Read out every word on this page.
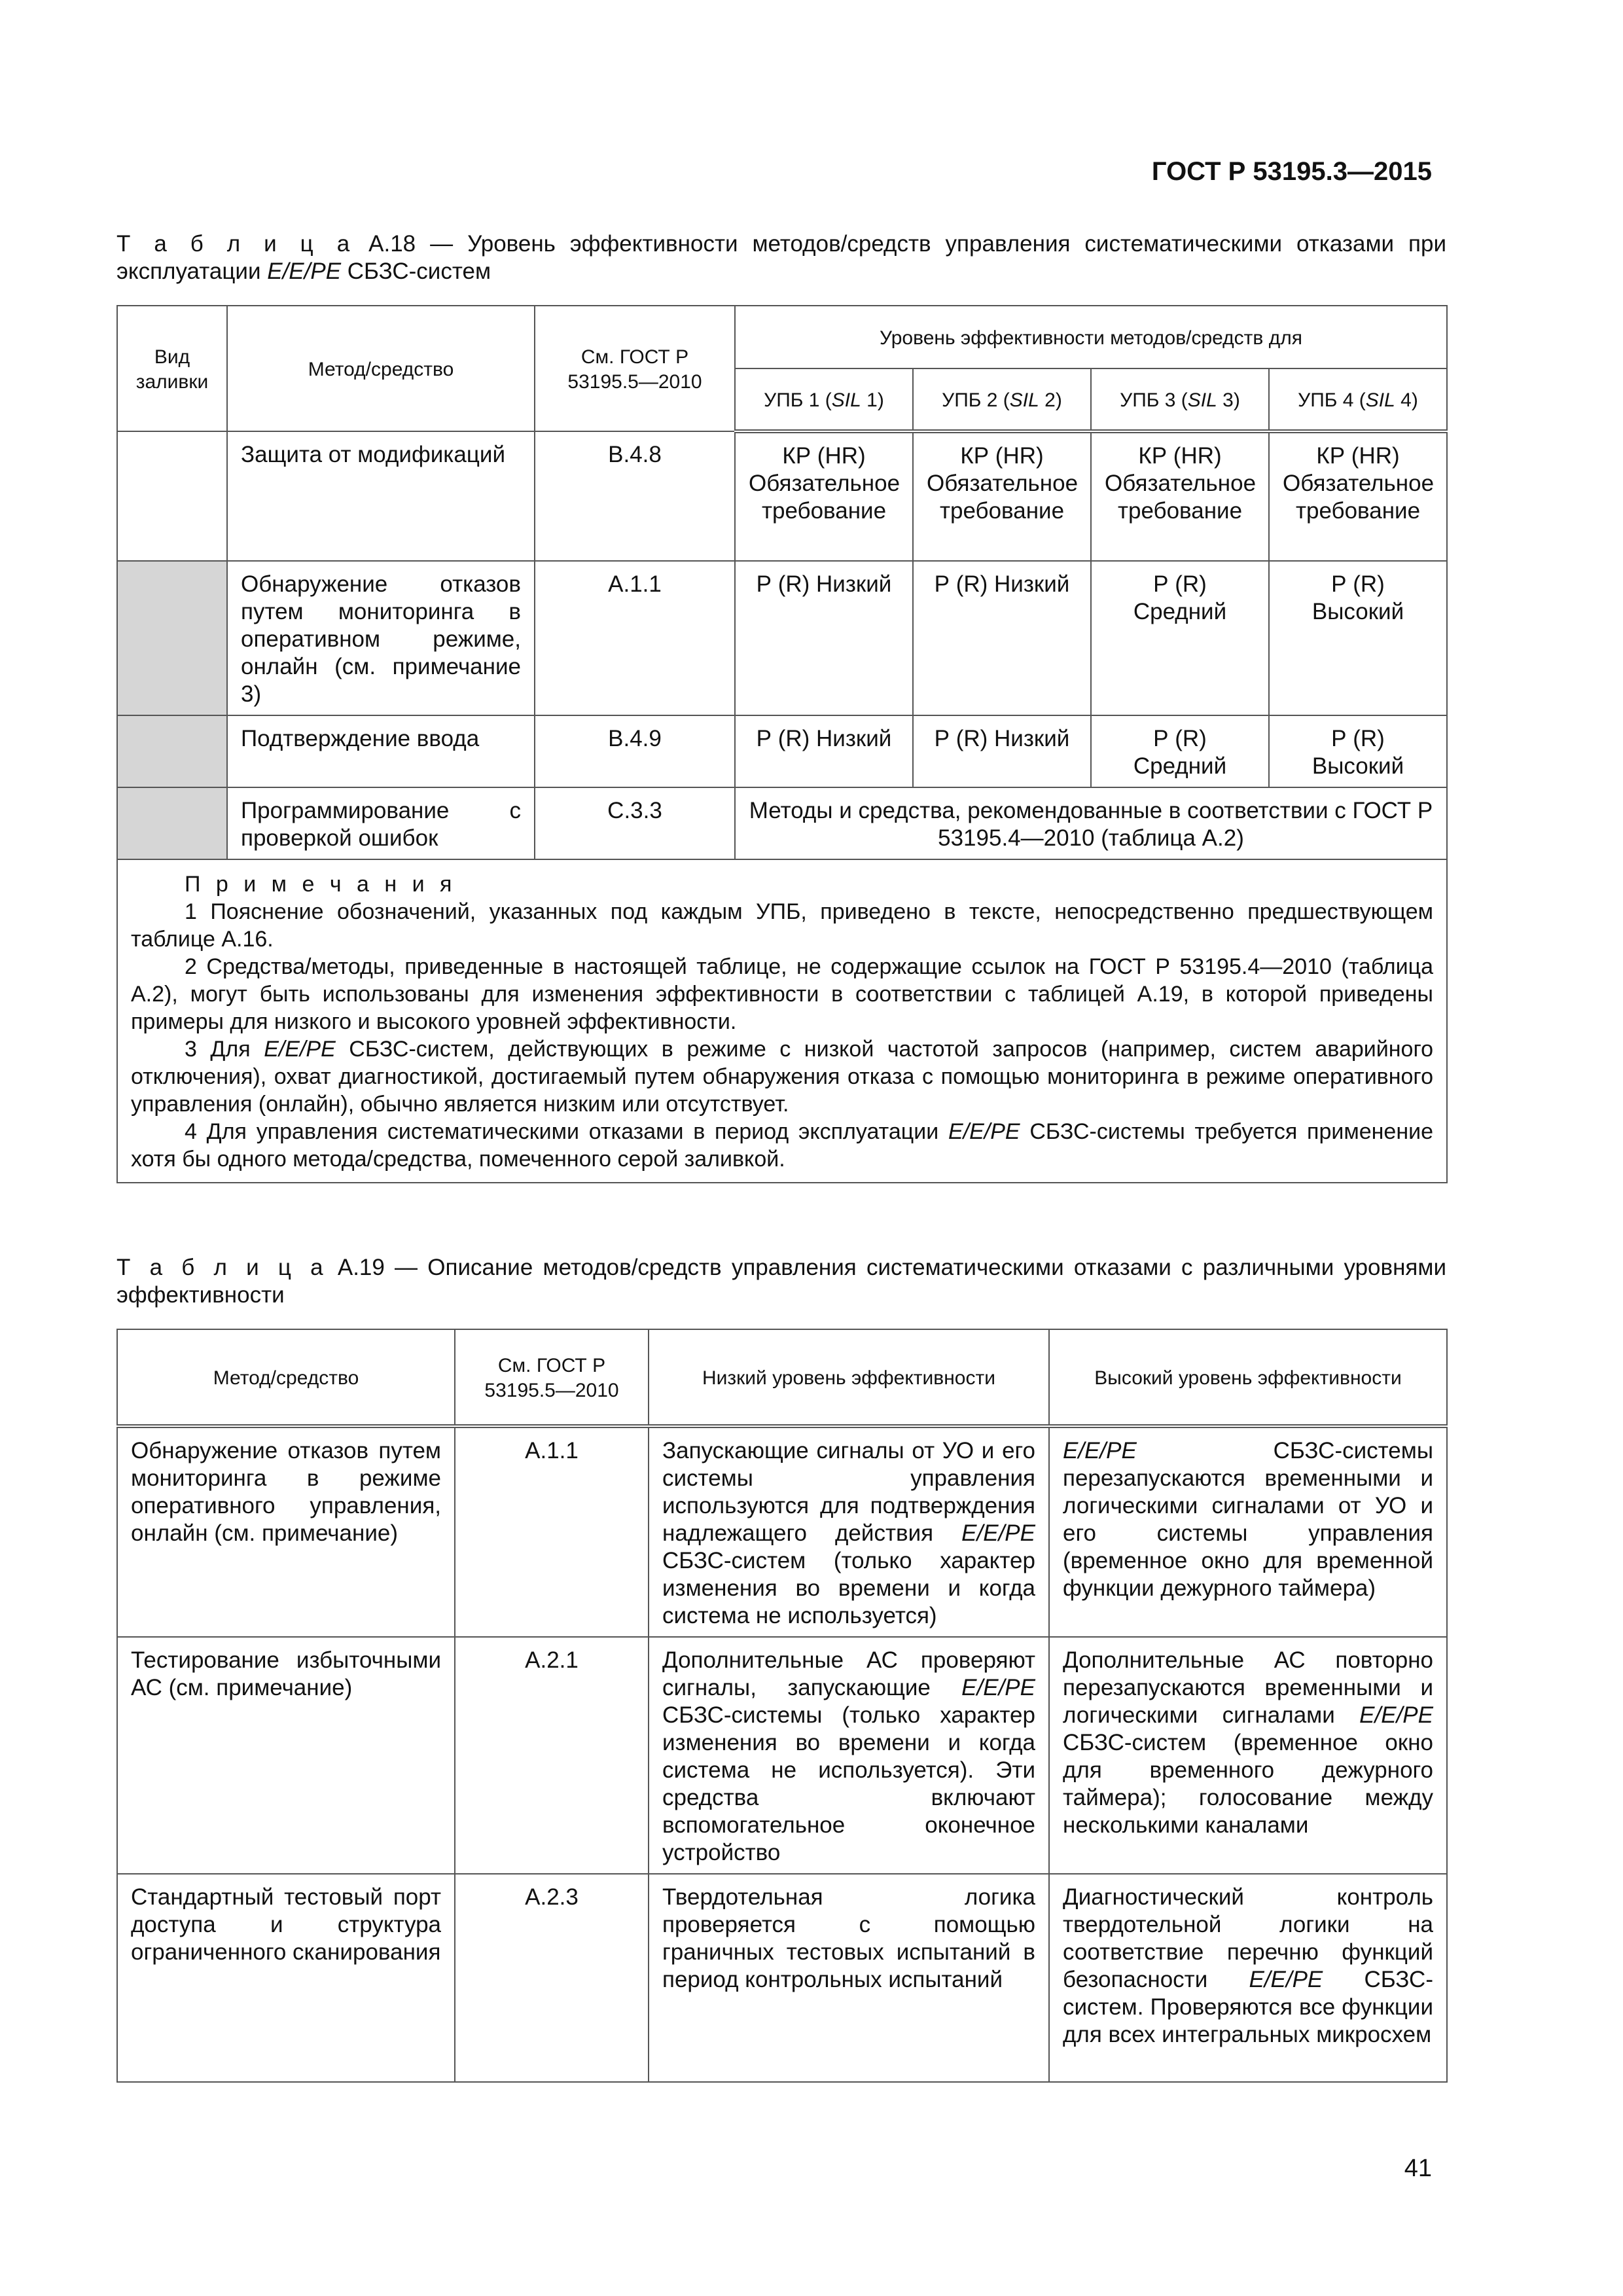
ГОСТ Р 53195.3—2015
Т а б л и ц а А.18 — Уровень эффективности методов/средств управления систематическими отказами при эксплуатации E/E/PE СБЗС-систем
Вид заливки	Метод/средство	См. ГОСТ Р 53195.5—2010	Уровень эффективности методов/средств для			
			УПБ 1 (SIL 1)	УПБ 2 (SIL 2)	УПБ 3 (SIL 3)	УПБ 4 (SIL 4)
	Защита от модификаций	В.4.8	КР (HR) Обязательное требование	КР (HR) Обязательное требование	КР (HR) Обязательное требование	КР (HR) Обязательное требование
	Обнаружение отказов путем мониторинга в оперативном режиме, онлайн (см. примечание 3)	А.1.1	Р (R) Низкий	Р (R) Низкий	Р (R) Средний	Р (R) Высокий
	Подтверждение ввода	В.4.9	Р (R) Низкий	Р (R) Низкий	Р (R) Средний	Р (R) Высокий
	Программирование с проверкой ошибок	С.3.3	Методы и средства, рекомендованные в соответствии с ГОСТ Р 53195.4—2010 (таблица А.2)			

П р и м е ч а н и я
1 Пояснение обозначений, указанных под каждым УПБ, приведено в тексте, непосредственно предшествующем таблице А.16.
2 Средства/методы, приведенные в настоящей таблице, не содержащие ссылок на ГОСТ Р 53195.4—2010 (таблица А.2), могут быть использованы для изменения эффективности в соответствии с таблицей А.19, в которой приведены примеры для низкого и высокого уровней эффективности.
3 Для E/E/PE СБЗС-систем, действующих в режиме с низкой частотой запросов (например, систем аварийного отключения), охват диагностикой, достигаемый путем обнаружения отказа с помощью мониторинга в режиме оперативного управления (онлайн), обычно является низким или отсутствует.
4 Для управления систематическими отказами в период эксплуатации E/E/PE СБЗС-системы требуется применение хотя бы одного метода/средства, помеченного серой заливкой.						
Т а б л и ц а А.19 — Описание методов/средств управления систематическими отказами с различными уровнями эффективности
Метод/средство	См. ГОСТ Р 53195.5—2010	Низкий уровень эффективности	Высокий уровень эффективности
Обнаружение отказов путем мониторинга в режиме оперативного управления, онлайн (см. примечание)	А.1.1	Запускающие сигналы от УО и его системы управления используются для подтверждения надлежащего действия E/E/PE СБЗС-систем (только характер изменения во времени и когда система не используется)	E/E/PE СБЗС-системы перезапускаются временными и логическими сигналами от УО и его системы управления (временное окно для временной функции дежурного таймера)
Тестирование избыточными АС (см. примечание)	А.2.1	Дополнительные АС проверяют сигналы, запускающие E/E/PE СБЗС-системы (только характер изменения во времени и когда система не используется). Эти средства включают вспомогательное оконечное устройство	Дополнительные АС повторно перезапускаются временными и логическими сигналами E/E/PE СБЗС-систем (временное окно для временного дежурного таймера); голосование между несколькими каналами
Стандартный тестовый порт доступа и структура ограниченного сканирования	А.2.3	Твердотельная логика проверяется с помощью граничных тестовых испытаний в период контрольных испытаний	Диагностический контроль твердотельной логики на соответствие перечню функций безопасности E/E/PE СБЗС-систем. Проверяются все функции для всех интегральных микросхем
41
